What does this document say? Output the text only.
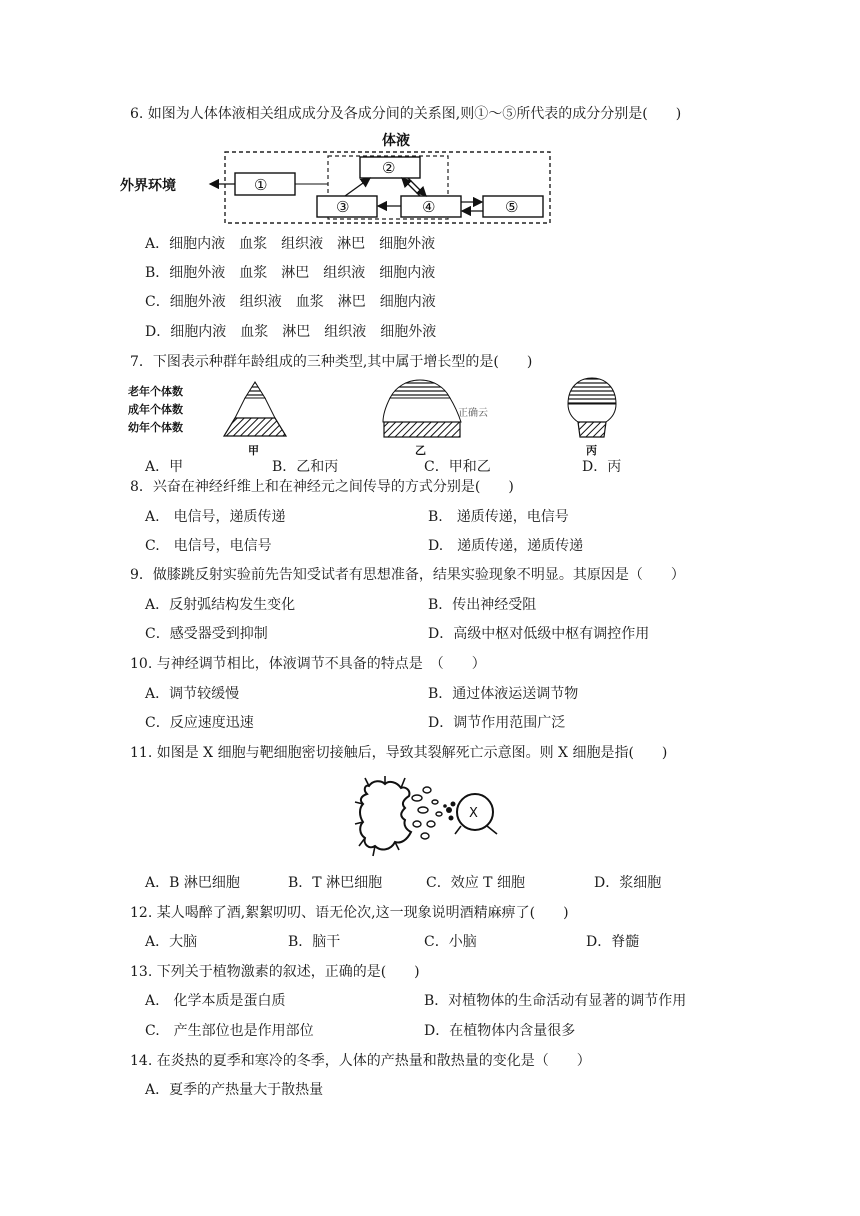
6. 如图为人体体液相关组成成分及各成分间的关系图,则①～⑤所代表的成分分别是(　　)
体液
外界环境	①
②
③	④	⑤
A．细胞内液　血浆　组织液　淋巴　细胞外液
B．细胞外液　血浆　淋巴　组织液　细胞内液
C．细胞外液　组织液　血浆　淋巴　细胞内液
D．细胞内液　血浆　淋巴　组织液　细胞外液
7．下图表示种群年龄组成的三种类型,其中属于增长型的是(　　)
老年个体数
成年个体数
幼年个体数
甲
正确云
乙	丙
A．甲	B．乙和丙	C．甲和乙	D．丙
8．兴奋在神经纤维上和在神经元之间传导的方式分别是(　　)
A.　电信号，递质传递	B.　递质传递，电信号
C.　电信号，电信号	D.　递质传递，递质传递
9．做膝跳反射实验前先告知受试者有思想准备，结果实验现象不明显。其原因是（　　）
A．反射弧结构发生变化	B．传出神经受阻
C．感受器受到抑制	D．高级中枢对低级中枢有调控作用
10. 与神经调节相比，体液调节不具备的特点是　（　　）
A．调节较缓慢	B．通过体液运送调节物
C．反应速度迅速	D．调节作用范围广泛
11. 如图是 X 细胞与靶细胞密切接触后，导致其裂解死亡示意图。则 X 细胞是指(　　)
X
A．B 淋巴细胞	B．T 淋巴细胞	C．效应 T 细胞	D．浆细胞
12. 某人喝醉了酒,絮絮叨叨、语无伦次,这一现象说明酒精麻痹了(　　)
A．大脑	B．脑干	C．小脑	D．脊髓
13. 下列关于植物激素的叙述，正确的是(　　)
A.　化学本质是蛋白质	B．对植物体的生命活动有显著的调节作用
C.　产生部位也是作用部位	D．在植物体内含量很多
14. 在炎热的夏季和寒冷的冬季，人体的产热量和散热量的变化是（　　）
A．夏季的产热量大于散热量
